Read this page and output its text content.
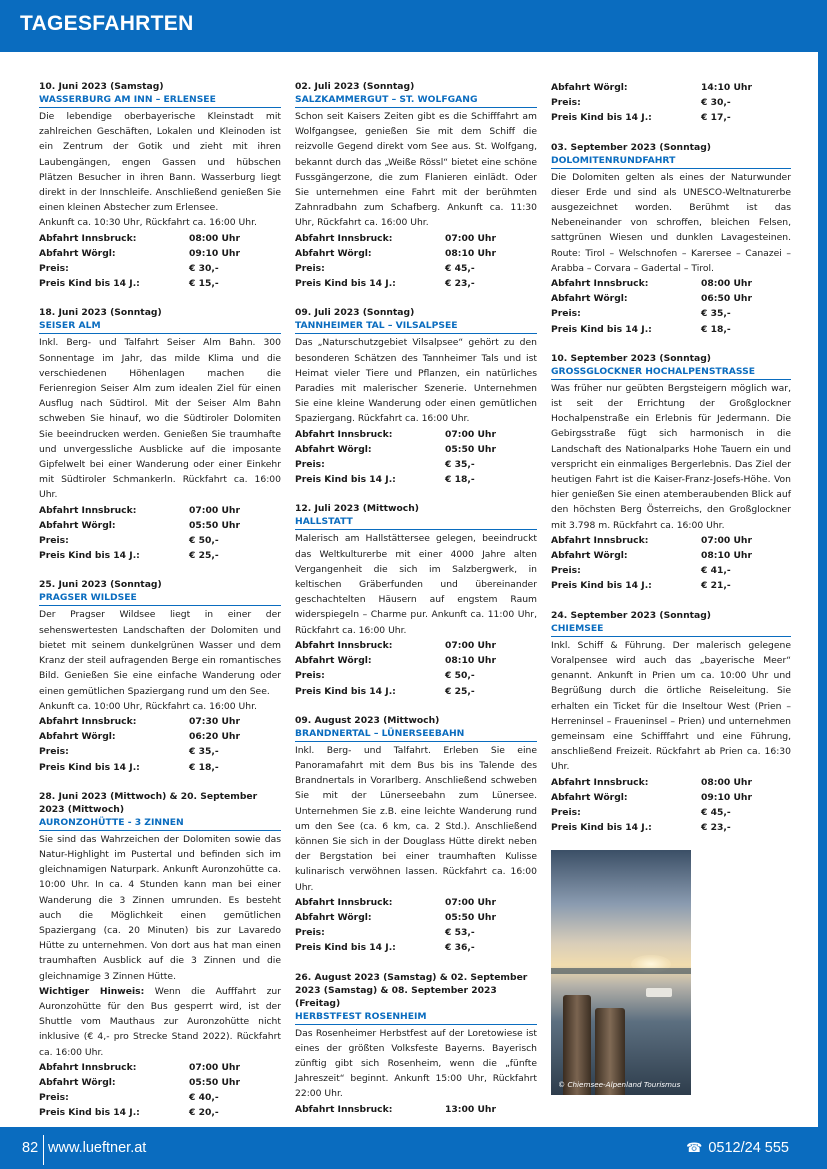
TAGESFAHRTEN
10. Juni 2023 (Samstag)
WASSERBURG AM INN – ERLENSEE
Die lebendige oberbayerische Kleinstadt mit zahlreichen Geschäften, Lokalen und Kleinoden ist ein Zentrum der Gotik und zieht mit ihren Laubengängen, engen Gassen und hübschen Plätzen Besucher in ihren Bann. Wasserburg liegt direkt in der Innschleife. Anschließend genießen Sie einen kleinen Abstecher zum Erlensee.
Ankunft ca. 10:30 Uhr, Rückfahrt ca. 16:00 Uhr.
Abfahrt Innsbruck:	08:00 Uhr
Abfahrt Wörgl:	09:10 Uhr
Preis:	€ 30,-
Preis Kind bis 14 J.:	€ 15,-
18. Juni 2023 (Sonntag)
SEISER ALM
Inkl. Berg- und Talfahrt Seiser Alm Bahn. 300 Sonnentage im Jahr, das milde Klima und die verschiedenen Höhenlagen machen die Ferienregion Seiser Alm zum idealen Ziel für einen Ausflug nach Südtirol. Mit der Seiser Alm Bahn schweben Sie hinauf, wo die Südtiroler Dolomiten Sie beeindrucken werden. Genießen Sie traumhafte und unvergessliche Ausblicke auf die imposante Gipfelwelt bei einer Wanderung oder einer Einkehr mit Südtiroler Schmankerln. Rückfahrt ca. 16:00 Uhr.
Abfahrt Innsbruck:	07:00 Uhr
Abfahrt Wörgl:	05:50 Uhr
Preis:	€ 50,-
Preis Kind bis 14 J.:	€ 25,-
25. Juni 2023 (Sonntag)
PRAGSER WILDSEE
Der Pragser Wildsee liegt in einer der sehenswertesten Landschaften der Dolomiten und bietet mit seinem dunkelgrünen Wasser und dem Kranz der steil aufragenden Berge ein romantisches Bild. Genießen Sie eine einfache Wanderung oder einen gemütlichen Spaziergang rund um den See.
Ankunft ca. 10:00 Uhr, Rückfahrt ca. 16:00 Uhr.
Abfahrt Innsbruck:	07:30 Uhr
Abfahrt Wörgl:	06:20 Uhr
Preis:	€ 35,-
Preis Kind bis 14 J.:	€ 18,-
28. Juni 2023 (Mittwoch) & 20. September 2023 (Mittwoch)
AURONZOHÜTTE - 3 ZINNEN
Sie sind das Wahrzeichen der Dolomiten sowie das Natur-Highlight im Pustertal und befinden sich im gleichnamigen Naturpark. Ankunft Auronzohütte ca. 10:00 Uhr. In ca. 4 Stunden kann man bei einer Wanderung die 3 Zinnen umrunden. Es besteht auch die Möglichkeit einen gemütlichen Spaziergang (ca. 20 Minuten) bis zur Lavaredo Hütte zu unternehmen. Von dort aus hat man einen traumhaften Ausblick auf die 3 Zinnen und die gleichnamige 3 Zinnen Hütte.
Wichtiger Hinweis: Wenn die Aufffahrt zur Auronzohütte für den Bus gesperrt wird, ist der Shuttle vom Mauthaus zur Auronzohütte nicht inklusive (€ 4,- pro Strecke Stand 2022). Rückfahrt ca. 16:00 Uhr.
Abfahrt Innsbruck:	07:00 Uhr
Abfahrt Wörgl:	05:50 Uhr
Preis:	€ 40,-
Preis Kind bis 14 J.:	€ 20,-
02. Juli 2023 (Sonntag)
SALZKAMMERGUT – ST. WOLFGANG
Schon seit Kaisers Zeiten gibt es die Schifffahrt am Wolfgangsee, genießen Sie mit dem Schiff die reizvolle Gegend direkt vom See aus. St. Wolfgang, bekannt durch das „Weiße Rössl“ bietet eine schöne Fussgängerzone, die zum Flanieren einlädt. Oder Sie unternehmen eine Fahrt mit der berühmten Zahnradbahn zum Schafberg. Ankunft ca. 11:30 Uhr, Rückfahrt ca. 16:00 Uhr.
Abfahrt Innsbruck:	07:00 Uhr
Abfahrt Wörgl:	08:10 Uhr
Preis:	€ 45,-
Preis Kind bis 14 J.:	€ 23,-
09. Juli 2023 (Sonntag)
TANNHEIMER TAL – VILSALPSEE
Das „Naturschutzgebiet Vilsalpsee“ gehört zu den besonderen Schätzen des Tannheimer Tals und ist Heimat vieler Tiere und Pflanzen, ein natürliches Paradies mit malerischer Szenerie. Unternehmen Sie eine kleine Wanderung oder einen gemütlichen Spaziergang. Rückfahrt ca. 16:00 Uhr.
Abfahrt Innsbruck:	07:00 Uhr
Abfahrt Wörgl:	05:50 Uhr
Preis:	€ 35,-
Preis Kind bis 14 J.:	€ 18,-
12. Juli 2023 (Mittwoch)
HALLSTATT
Malerisch am Hallstättersee gelegen, beeindruckt das Weltkulturerbe mit einer 4000 Jahre alten Vergangenheit die sich im Salzbergwerk, in keltischen Gräberfunden und übereinander geschachtelten Häusern auf engstem Raum widerspiegeln – Charme pur. Ankunft ca. 11:00 Uhr, Rückfahrt ca. 16:00 Uhr.
Abfahrt Innsbruck:	07:00 Uhr
Abfahrt Wörgl:	08:10 Uhr
Preis:	€ 50,-
Preis Kind bis 14 J.:	€ 25,-
09. August 2023 (Mittwoch)
BRANDNERTAL – LÜNERSEEBAHN
Inkl. Berg- und Talfahrt. Erleben Sie eine Panoramafahrt mit dem Bus bis ins Talende des Brandnertals in Vorarlberg. Anschließend schweben Sie mit der Lünerseebahn zum Lünersee. Unternehmen Sie z.B. eine leichte Wanderung rund um den See (ca. 6 km, ca. 2 Std.). Anschließend können Sie sich in der Douglass Hütte direkt neben der Bergstation bei einer traumhaften Kulisse kulinarisch verwöhnen lassen. Rückfahrt ca. 16:00 Uhr.
Abfahrt Innsbruck:	07:00 Uhr
Abfahrt Wörgl:	05:50 Uhr
Preis:	€ 53,-
Preis Kind bis 14 J.:	€ 36,-
26. August 2023 (Samstag) & 02. September 2023 (Samstag) & 08. September 2023 (Freitag)
HERBSTFEST ROSENHEIM
Das Rosenheimer Herbstfest auf der Loretowiese ist eines der größten Volksfeste Bayerns. Bayerisch zünftig gibt sich Rosenheim, wenn die „fünfte Jahreszeit“ beginnt. Ankunft 15:00 Uhr, Rückfahrt 22:00 Uhr.
Abfahrt Innsbruck:	13:00 Uhr
Abfahrt Wörgl:	14:10 Uhr
Preis:	€ 30,-
Preis Kind bis 14 J.:	€ 17,-
03. September 2023 (Sonntag)
DOLOMITENRUNDFAHRT
Die Dolomiten gelten als eines der Naturwunder dieser Erde und sind als UNESCO-Weltnaturerbe ausgezeichnet worden. Berühmt ist das Nebeneinander von schroffen, bleichen Felsen, sattgrünen Wiesen und dunklen Lavagesteinen. Route: Tirol – Welschnofen – Karersee – Canazei – Arabba – Corvara – Gadertal – Tirol.
Abfahrt Innsbruck:	08:00 Uhr
Abfahrt Wörgl:	06:50 Uhr
Preis:	€ 35,-
Preis Kind bis 14 J.:	€ 18,-
10. September 2023 (Sonntag)
GROSSGLOCKNER HOCHALPENSTRASSE
Was früher nur geübten Bergsteigern möglich war, ist seit der Errichtung der Großglockner Hochalpenstraße ein Erlebnis für Jedermann. Die Gebirgsstraße fügt sich harmonisch in die Landschaft des Nationalparks Hohe Tauern ein und verspricht ein einmaliges Bergerlebnis. Das Ziel der heutigen Fahrt ist die Kaiser-Franz-Josefs-Höhe. Von hier genießen Sie einen atemberaubenden Blick auf den höchsten Berg Österreichs, den Großglockner mit 3.798 m. Rückfahrt ca. 16:00 Uhr.
Abfahrt Innsbruck:	07:00 Uhr
Abfahrt Wörgl:	08:10 Uhr
Preis:	€ 41,-
Preis Kind bis 14 J.:	€ 21,-
24. September 2023 (Sonntag)
CHIEMSEE
Inkl. Schiff & Führung. Der malerisch gelegene Voralpensee wird auch das „bayerische Meer“ genannt. Ankunft in Prien um ca. 10:00 Uhr und Begrüßung durch die örtliche Reiseleitung. Sie erhalten ein Ticket für die Inseltour West (Prien – Herreninsel – Fraueninsel – Prien) und unternehmen gemeinsam eine Schifffahrt und eine Führung, anschließend Freizeit. Rückfahrt ab Prien ca. 16:30 Uhr.
Abfahrt Innsbruck:	08:00 Uhr
Abfahrt Wörgl:	09:10 Uhr
Preis:	€ 45,-
Preis Kind bis 14 J.:	€ 23,-
© Chiemsee-Alpenland Tourismus
82 www.lueftner.at	☎ 0512/24 555
